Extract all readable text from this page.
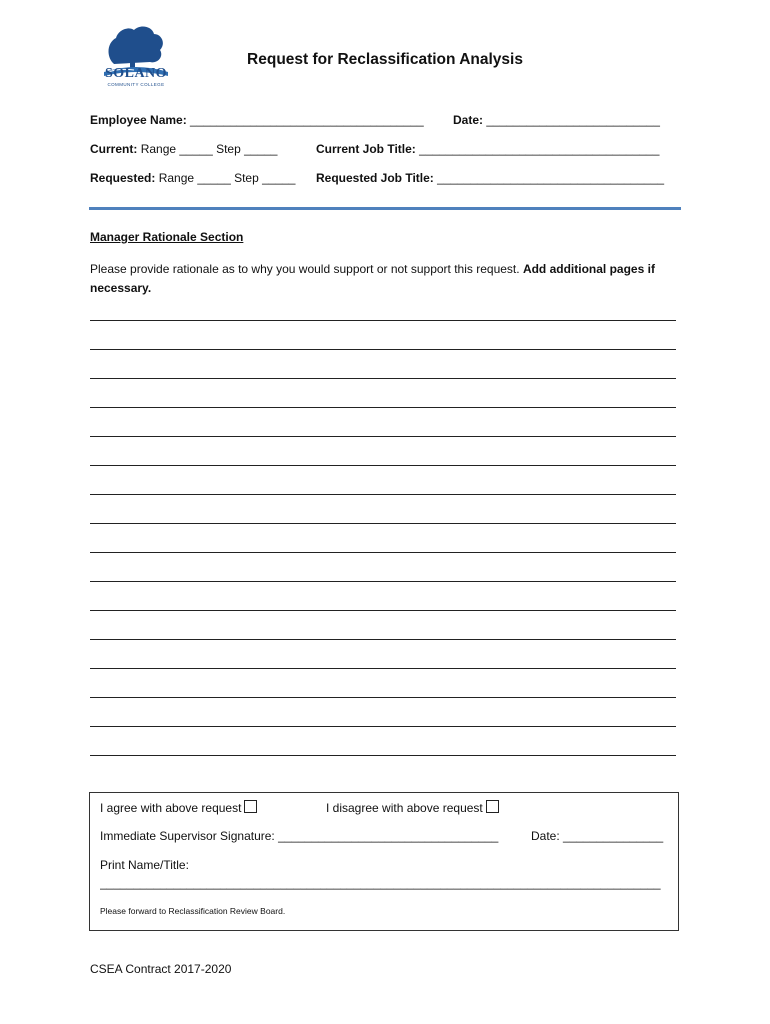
SOLANO
COMMUNITY COLLEGE
Request for Reclassification Analysis
Employee Name: ___________________________________ Date: __________________________
Current: Range _____ Step _____	Current Job Title: ____________________________________
Requested: Range _____ Step _____ Requested Job Title: __________________________________
Manager Rationale Section
Please provide rationale as to why you would support or not support this request. Add additional pages if necessary.
I agree with above request	I disagree with above request
Immediate Supervisor Signature: _________________________________	Date: _______________
Print Name/Title:
____________________________________________________________________________________
Please forward to Reclassification Review Board.
CSEA Contract 2017-2020
